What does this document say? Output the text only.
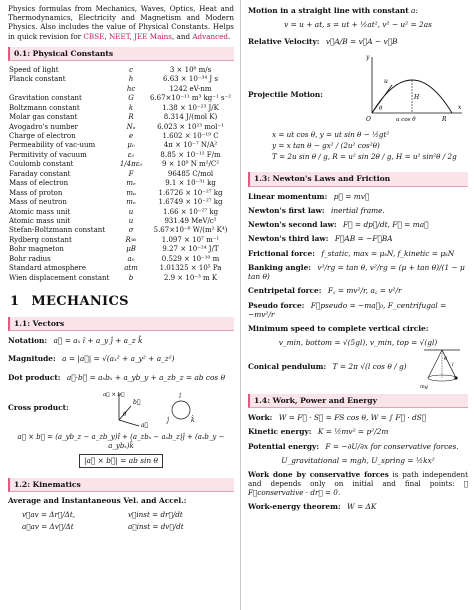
Physics formulas from Mechanics, Waves, Optics, Heat and Thermodynamics, Electricity and Magnetism and Modern Physics. Also includes the value of Physical Constants. Helps in quick revision for CBSE, NEET, JEE Mains, and Advanced.

0.1: Physical Constants
Speed of light	c	3 × 10⁸ m/s
Planck constant	h	6.63 × 10⁻³⁴ J s
	hc	1242 eV-nm
Gravitation constant	G	6.67×10⁻¹¹ m³ kg⁻¹ s⁻²
Boltzmann constant	k	1.38 × 10⁻²³ J/K
Molar gas constant	R	8.314 J/(mol K)
Avogadro's number	Nₐ	6.023 × 10²³ mol⁻¹
Charge of electron	e	1.602 × 10⁻¹⁹ C
Permeability of vac-uum	μ₀	4π × 10⁻⁷ N/A²
Permitivity of vacuum	ε₀	8.85 × 10⁻¹² F/m
Coulomb constant	1/4πε₀	9 × 10⁹ N m²/C²
Faraday constant	F	96485 C/mol
Mass of electron	mₑ	9.1 × 10⁻³¹ kg
Mass of proton	mₚ	1.6726 × 10⁻²⁷ kg
Mass of neutron	mₙ	1.6749 × 10⁻²⁷ kg
Atomic mass unit	u	1.66 × 10⁻²⁷ kg
Atomic mass unit	u	931.49 MeV/c²
Stefan-Boltzmann constant	σ	5.67×10⁻⁸ W/(m² K⁴)
Rydberg constant	R∞	1.097 × 10⁷ m⁻¹
Bohr magneton	μB	9.27 × 10⁻²⁴ J/T
Bohr radius	a₀	0.529 × 10⁻¹⁰ m
Standard atmosphere	atm	1.01325 × 10⁵ Pa
Wien displacement constant	b	2.9 × 10⁻³ m K
1 MECHANICS
1.1: Vectors
Notation: a⃗ = aₓ î + a_y ĵ + a_z k̂
Magnitude: a = |a⃗| = √(aₓ² + a_y² + a_z²)
Dot product: a⃗·b⃗ = aₓbₓ + a_yb_y + a_zb_z = ab cos θ
Cross product:
a⃗ × b⃗
b⃗
θ
a⃗
î
ĵ	k̂
a⃗ × b⃗ = (a_yb_z − a_zb_y)î + (a_zbₓ − aₓb_z)ĵ + (aₓb_y − a_ybₓ)k̂
|a⃗ × b⃗| = ab sin θ
1.2: Kinematics
Average and Instantaneous Vel. and Accel.:
v⃗av = Δr⃗/Δt,	v⃗inst = dr⃗/dt
a⃗av = Δv⃗/Δt	a⃗inst = dv⃗/dt
Motion in a straight line with constant a:
v = u + at, s = ut + ½at², v² − u² = 2as
Relative Velocity: v⃗A/B = v⃗A − v⃗B
Projectile Motion:
y
u
θ	x
H
O	u cos θ	R
x = ut cos θ, y = ut sin θ − ½gt²
y = x tan θ − gx² / (2u² cos²θ)
T = 2u sin θ / g, R = u² sin 2θ / g, H = u² sin²θ / 2g
1.3: Newton's Laws and Friction
Linear momentum: p⃗ = mv⃗
Newton's first law: inertial frame.
Newton's second law: F⃗ = dp⃗/dt, F⃗ = ma⃗
Newton's third law: F⃗AB = −F⃗BA
Frictional force: f_static, max = μₛN, f_kinetic = μₖN
Banking angle: v²/rg = tan θ, v²/rg = (μ + tan θ)/(1 − μ tan θ)
Centripetal force: F꜀ = mv²/r, a꜀ = v²/r
Pseudo force: F⃗pseudo = −ma⃗₀, F_centrifugal = −mv²/r
Minimum speed to complete vertical circle:
v_min, bottom = √(5gl), v_min, top = √(gl)
Conical pendulum: T = 2π √(l cos θ / g)
θ
l
mg
1.4: Work, Power and Energy
Work: W = F⃗ · S⃗ = FS cos θ, W = ∫ F⃗ · dS⃗
Kinetic energy: K = ½mv² = p²/2m
Potential energy: F = −∂U/∂x for conservative forces.
U_gravitational = mgh, U_spring = ½kx²
Work done by conservative forces is path independent and depends only on initial and final points: ∮ F⃗conservative · dr⃗ = 0.
Work-energy theorem: W = ΔK
